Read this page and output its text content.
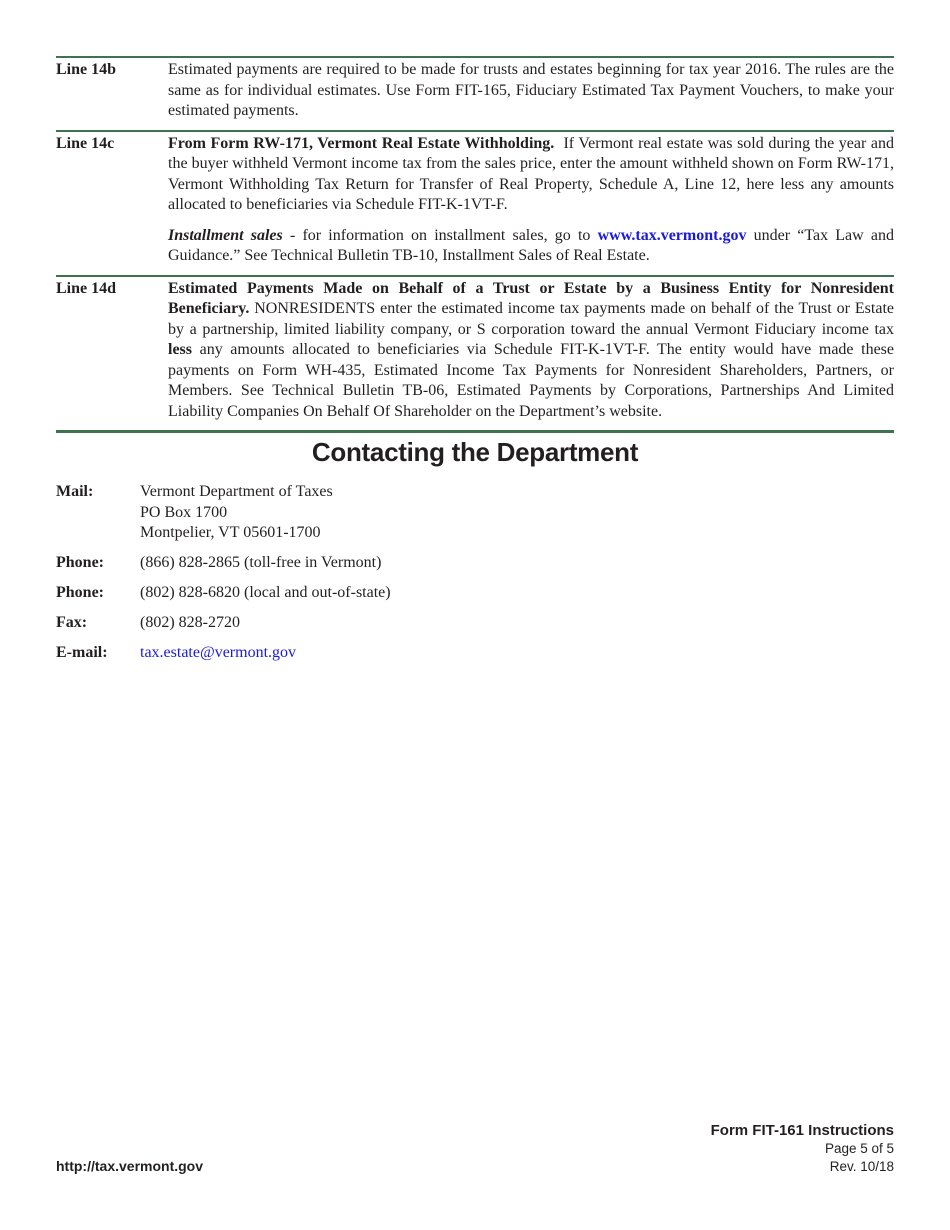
Line 14b	Estimated payments are required to be made for trusts and estates beginning for tax year 2016. The rules are the same as for individual estimates. Use Form FIT-165, Fiduciary Estimated Tax Payment Vouchers, to make your estimated payments.

Line 14c	From Form RW-171, Vermont Real Estate Withholding. If Vermont real estate was sold during the year and the buyer withheld Vermont income tax from the sales price, enter the amount withheld shown on Form RW-171, Vermont Withholding Tax Return for Transfer of Real Property, Schedule A, Line 12, here less any amounts allocated to beneficiaries via Schedule FIT-K-1VT-F.

Installment sales - for information on installment sales, go to www.tax.vermont.gov under “Tax Law and Guidance.” See Technical Bulletin TB-10, Installment Sales of Real Estate.

Line 14d	Estimated Payments Made on Behalf of a Trust or Estate by a Business Entity for Nonresident Beneficiary. NONRESIDENTS enter the estimated income tax payments made on behalf of the Trust or Estate by a partnership, limited liability company, or S corporation toward the annual Vermont Fiduciary income tax less any amounts allocated to beneficiaries via Schedule FIT-K-1VT-F. The entity would have made these payments on Form WH-435, Estimated Income Tax Payments for Nonresident Shareholders, Partners, or Members. See Technical Bulletin TB-06, Estimated Payments by Corporations, Partnerships And Limited Liability Companies On Behalf Of Shareholder on the Department’s website.

Contacting the Department
Mail:	Vermont Department of Taxes
PO Box 1700
Montpelier, VT 05601-1700
Phone:	(866) 828-2865 (toll-free in Vermont)
Phone:	(802) 828-6820 (local and out-of-state)
Fax:	(802) 828-2720
E-mail:	tax.estate@vermont.gov
http://tax.vermont.gov
Form FIT-161 Instructions
Page 5 of 5
Rev. 10/18
